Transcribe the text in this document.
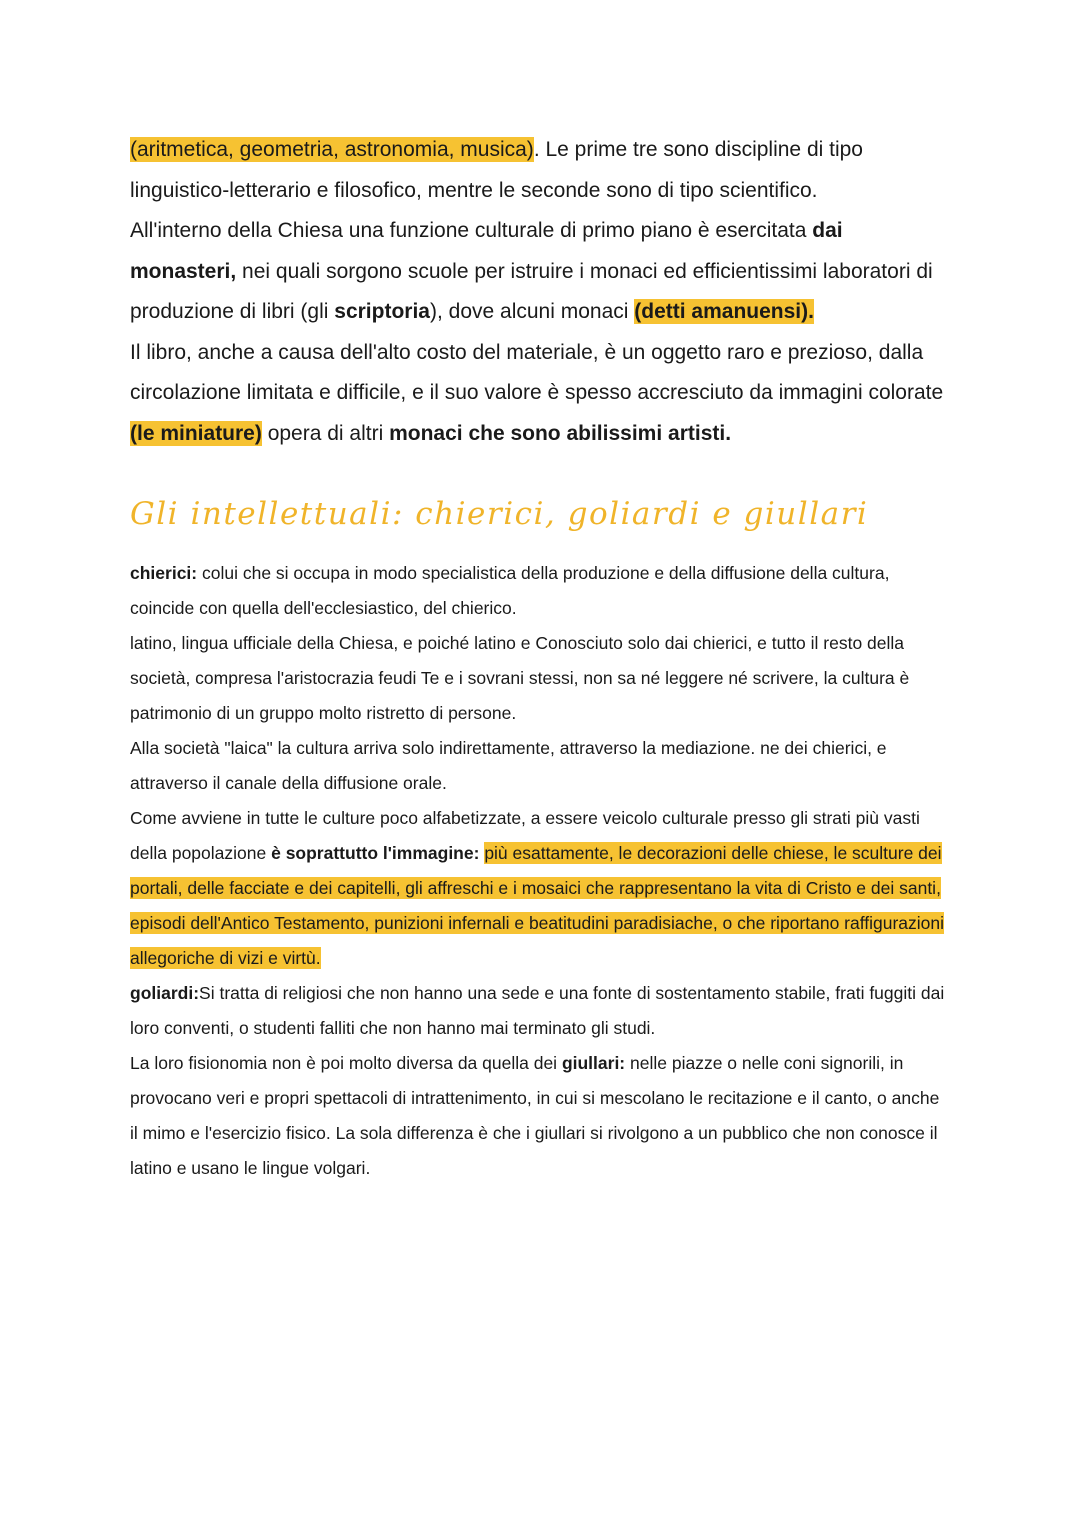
(aritmetica, geometria, astronomia, musica). Le prime tre sono discipline di tipo linguistico-letterario e filosofico, mentre le seconde sono di tipo scientifico.

All'interno della Chiesa una funzione culturale di primo piano è esercitata dai monasteri, nei quali sorgono scuole per istruire i monaci ed efficientissimi laboratori di produzione di libri (gli scriptoria), dove alcuni monaci (detti amanuensi).

Il libro, anche a causa dell'alto costo del materiale, è un oggetto raro e prezioso, dalla circolazione limitata e difficile, e il suo valore è spesso accresciuto da immagini colorate (le miniature) opera di altri monaci che sono abilissimi artisti.

Gli intellettuali: chierici, goliardi e giullari

chierici: colui che si occupa in modo specialistica della produzione e della diffusione della cultura, coincide con quella dell'ecclesiastico, del chierico.

latino, lingua ufficiale della Chiesa, e poiché latino e Conosciuto solo dai chierici, e tutto il resto della società, compresa l'aristocrazia feudi Te e i sovrani stessi, non sa né leggere né scrivere, la cultura è patrimonio di un gruppo molto ristretto di persone.

Alla società "laica" la cultura arriva solo indirettamente, attraverso la mediazione. ne dei chierici, e attraverso il canale della diffusione orale.

Come avviene in tutte le culture poco alfabetizzate, a essere veicolo culturale presso gli strati più vasti della popolazione è soprattutto l'immagine: più esattamente, le decorazioni delle chiese, le sculture dei portali, delle facciate e dei capitelli, gli affreschi e i mosaici che rappresentano la vita di Cristo e dei santi, episodi dell'Antico Testamento, punizioni infernali e beatitudini paradisiache, o che riportano raffigurazioni allegoriche di vizi e virtù.

goliardi:Si tratta di religiosi che non hanno una sede e una fonte di sostentamento stabile, frati fuggiti dai loro conventi, o studenti falliti che non hanno mai terminato gli studi.

La loro fisionomia non è poi molto diversa da quella dei giullari: nelle piazze o nelle coni signorili, in provocano veri e propri spettacoli di intrattenimento, in cui si mescolano le recitazione e il canto, o anche il mimo e l'esercizio fisico. La sola differenza è che i giullari si rivolgono a un pubblico che non conosce il latino e usano le lingue volgari.
